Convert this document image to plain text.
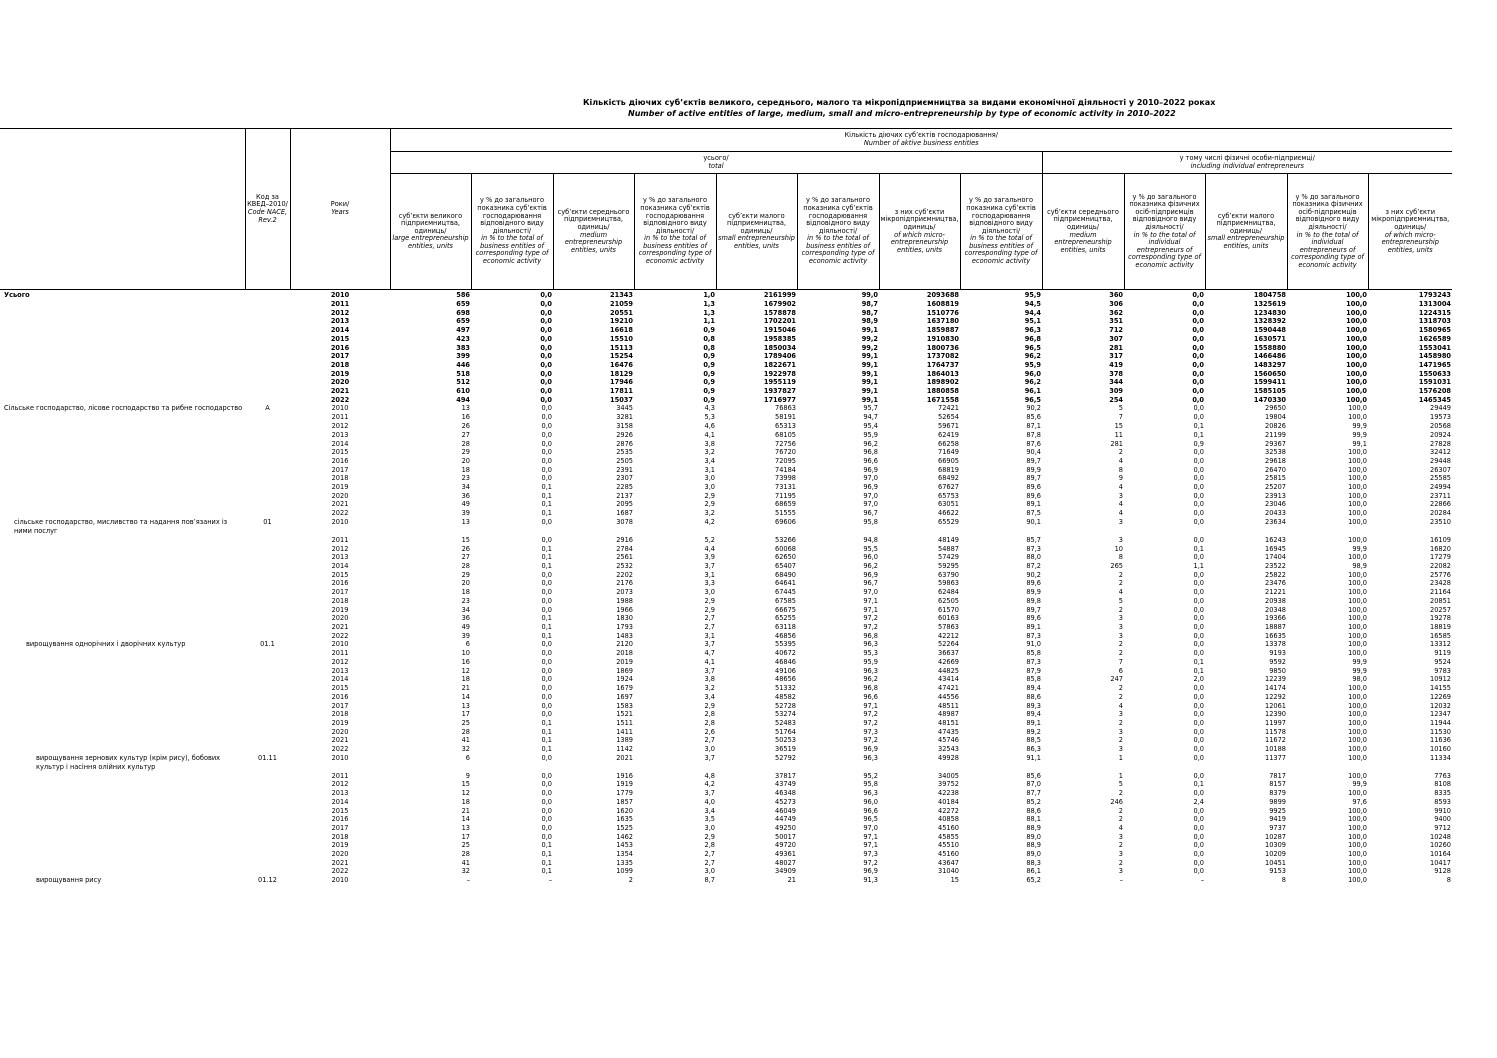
Кількість діючих суб’єктів великого, середнього, малого та мікропідприємництва за видами економічної діяльності у 2010–2022 роках
Number of active entities of large, medium, small and micro-entrepreneurship by type of economic activity in 2010–2022
	Код за КВЕД–2010/
Code NACE, Rev.2	Роки/
Years	Кількість діючих суб’єктів господарювання/
Number of aktive business entities												
			усього/
total								у тому числі фізичні особи-підприємці/
including individual entrepreneurs				
			суб’єкти великого підприємництва, одиниць/
large entrepreneurship entities, units	у % до загального показника суб’єктів господарювання відповідного виду діяльності/
in % to the total of business entities of corresponding type of economic activity	суб’єкти середнього підприємництва, одиниць/
medium entrepreneurship entities, units	у % до загального показника суб’єктів господарювання відповідного виду діяльності/
in % to the total of business entities of corresponding type of economic activity	суб’єкти малого підприємництва, одиниць/
small entrepreneurship entities, units	у % до загального показника суб’єктів господарювання відповідного виду діяльності/
in % to the total of business entities of corresponding type of economic activity	з них суб’єкти мікропідприємництва, одиниць/
of which micro-entrepreneurship entities, units	у % до загального показника суб’єктів господарювання відповідного виду діяльності/
in % to the total of business entities of corresponding type of economic activity	суб’єкти середнього підприємництва, одиниць/
medium entrepreneurship entities, units	у % до загального показника фізичних осіб-підприємців відповідного виду діяльності/
in % to the total of individual entrepreneurs of corresponding type of economic activity	суб’єкти малого підприємництва, одиниць/
small entrepreneurship entities, units	у % до загального показника фізичних осіб-підприємців відповідного виду діяльності/
in % to the total of individual entrepreneurs of corresponding type of economic activity	з них суб’єкти мікропідприємництва, одиниць/
of which micro-entrepreneurship entities, units

Усього		2010	586	0,0	21343	1,0	2161999	99,0	2093688	95,9	360	0,0	1804758	100,0	1793243
		2011	659	0,0	21059	1,3	1679902	98,7	1608819	94,5	306	0,0	1325619	100,0	1313004
		2012	698	0,0	20551	1,3	1578878	98,7	1510776	94,4	362	0,0	1234830	100,0	1224315
		2013	659	0,0	19210	1,1	1702201	98,9	1637180	95,1	351	0,0	1328392	100,0	1318703
		2014	497	0,0	16618	0,9	1915046	99,1	1859887	96,3	712	0,0	1590448	100,0	1580965
		2015	423	0,0	15510	0,8	1958385	99,2	1910830	96,8	307	0,0	1630571	100,0	1626589
		2016	383	0,0	15113	0,8	1850034	99,2	1800736	96,5	281	0,0	1558880	100,0	1553041
		2017	399	0,0	15254	0,9	1789406	99,1	1737082	96,2	317	0,0	1466486	100,0	1458980
		2018	446	0,0	16476	0,9	1822671	99,1	1764737	95,9	419	0,0	1483297	100,0	1471965
		2019	518	0,0	18129	0,9	1922978	99,1	1864013	96,0	378	0,0	1560650	100,0	1550633
		2020	512	0,0	17946	0,9	1955119	99,1	1898902	96,2	344	0,0	1599411	100,0	1591031
		2021	610	0,0	17811	0,9	1937827	99,1	1880858	96,1	309	0,0	1585105	100,0	1576208
		2022	494	0,0	15037	0,9	1716977	99,1	1671558	96,5	254	0,0	1470330	100,0	1465345

Сільське господарство, лісове господарство та рибне господарство	A	2010	13	0,0	3445	4,3	76863	95,7	72421	90,2	5	0,0	29650	100,0	29449
		2011	16	0,0	3281	5,3	58191	94,7	52654	85,6	7	0,0	19804	100,0	19573
		2012	26	0,0	3158	4,6	65313	95,4	59671	87,1	15	0,1	20826	99,9	20568
		2013	27	0,0	2926	4,1	68105	95,9	62419	87,8	11	0,1	21199	99,9	20924
		2014	28	0,0	2876	3,8	72756	96,2	66258	87,6	281	0,9	29367	99,1	27828
		2015	29	0,0	2535	3,2	76720	96,8	71649	90,4	2	0,0	32538	100,0	32412
		2016	20	0,0	2505	3,4	72095	96,6	66905	89,7	4	0,0	29618	100,0	29448
		2017	18	0,0	2391	3,1	74184	96,9	68819	89,9	8	0,0	26470	100,0	26307
		2018	23	0,0	2307	3,0	73998	97,0	68492	89,7	9	0,0	25815	100,0	25585
		2019	34	0,1	2285	3,0	73131	96,9	67627	89,6	4	0,0	25207	100,0	24994
		2020	36	0,1	2137	2,9	71195	97,0	65753	89,6	3	0,0	23913	100,0	23711
		2021	49	0,1	2095	2,9	68659	97,0	63051	89,1	4	0,0	23046	100,0	22866
		2022	39	0,1	1687	3,2	51555	96,7	46622	87,5	4	0,0	20433	100,0	20284

сільське господарство, мисливство та надання пов’язаних із ними послуг	01	2010	13	0,0	3078	4,2	69606	95,8	65529	90,1	3	0,0	23634	100,0	23510
		2011	15	0,0	2916	5,2	53266	94,8	48149	85,7	3	0,0	16243	100,0	16109
		2012	26	0,1	2784	4,4	60068	95,5	54887	87,3	10	0,1	16945	99,9	16820
		2013	27	0,1	2561	3,9	62650	96,0	57429	88,0	8	0,0	17404	100,0	17279
		2014	28	0,1	2532	3,7	65407	96,2	59295	87,2	265	1,1	23522	98,9	22082
		2015	29	0,0	2202	3,1	68490	96,9	63790	90,2	2	0,0	25822	100,0	25776
		2016	20	0,0	2176	3,3	64641	96,7	59863	89,6	2	0,0	23476	100,0	23428
		2017	18	0,0	2073	3,0	67445	97,0	62484	89,9	4	0,0	21221	100,0	21164
		2018	23	0,0	1988	2,9	67585	97,1	62505	89,8	5	0,0	20938	100,0	20851
		2019	34	0,0	1966	2,9	66675	97,1	61570	89,7	2	0,0	20348	100,0	20257
		2020	36	0,1	1830	2,7	65255	97,2	60163	89,6	3	0,0	19366	100,0	19278
		2021	49	0,1	1793	2,7	63118	97,2	57863	89,1	3	0,0	18887	100,0	18819
		2022	39	0,1	1483	3,1	46856	96,8	42212	87,3	3	0,0	16635	100,0	16585

вирощування однорічних і дворічних культур	01.1	2010	6	0,0	2120	3,7	55395	96,3	52264	91,0	2	0,0	13378	100,0	13312
		2011	10	0,0	2018	4,7	40672	95,3	36637	85,8	2	0,0	9193	100,0	9119
		2012	16	0,0	2019	4,1	46846	95,9	42669	87,3	7	0,1	9592	99,9	9524
		2013	12	0,0	1869	3,7	49106	96,3	44825	87,9	6	0,1	9850	99,9	9783
		2014	18	0,0	1924	3,8	48656	96,2	43414	85,8	247	2,0	12239	98,0	10912
		2015	21	0,0	1679	3,2	51332	96,8	47421	89,4	2	0,0	14174	100,0	14155
		2016	14	0,0	1697	3,4	48582	96,6	44556	88,6	2	0,0	12292	100,0	12269
		2017	13	0,0	1583	2,9	52728	97,1	48511	89,3	4	0,0	12061	100,0	12032
		2018	17	0,0	1521	2,8	53274	97,2	48987	89,4	3	0,0	12390	100,0	12347
		2019	25	0,1	1511	2,8	52483	97,2	48151	89,1	2	0,0	11997	100,0	11944
		2020	28	0,1	1411	2,6	51764	97,3	47435	89,2	3	0,0	11578	100,0	11530
		2021	41	0,1	1389	2,7	50253	97,2	45746	88,5	2	0,0	11672	100,0	11636
		2022	32	0,1	1142	3,0	36519	96,9	32543	86,3	3	0,0	10188	100,0	10160

вирощування зернових культур (крім рису), бобових культур і насіння олійних культур	01.11	2010	6	0,0	2021	3,7	52792	96,3	49928	91,1	1	0,0	11377	100,0	11334
		2011	9	0,0	1916	4,8	37817	95,2	34005	85,6	1	0,0	7817	100,0	7763
		2012	15	0,0	1919	4,2	43749	95,8	39752	87,0	5	0,1	8157	99,9	8108
		2013	12	0,0	1779	3,7	46348	96,3	42238	87,7	2	0,0	8379	100,0	8335
		2014	18	0,0	1857	4,0	45273	96,0	40184	85,2	246	2,4	9899	97,6	8593
		2015	21	0,0	1620	3,4	46049	96,6	42272	88,6	2	0,0	9925	100,0	9910
		2016	14	0,0	1635	3,5	44749	96,5	40858	88,1	2	0,0	9419	100,0	9400
		2017	13	0,0	1525	3,0	49250	97,0	45160	88,9	4	0,0	9737	100,0	9712
		2018	17	0,0	1462	2,9	50017	97,1	45855	89,0	3	0,0	10287	100,0	10248
		2019	25	0,1	1453	2,8	49720	97,1	45510	88,9	2	0,0	10309	100,0	10260
		2020	28	0,1	1354	2,7	49361	97,3	45160	89,0	3	0,0	10209	100,0	10164
		2021	41	0,1	1335	2,7	48027	97,2	43647	88,3	2	0,0	10451	100,0	10417
		2022	32	0,1	1099	3,0	34909	96,9	31040	86,1	3	0,0	9153	100,0	9128

вирощування рису	01.12	2010	–	–	2	8,7	21	91,3	15	65,2	–	–	8	100,0	8
